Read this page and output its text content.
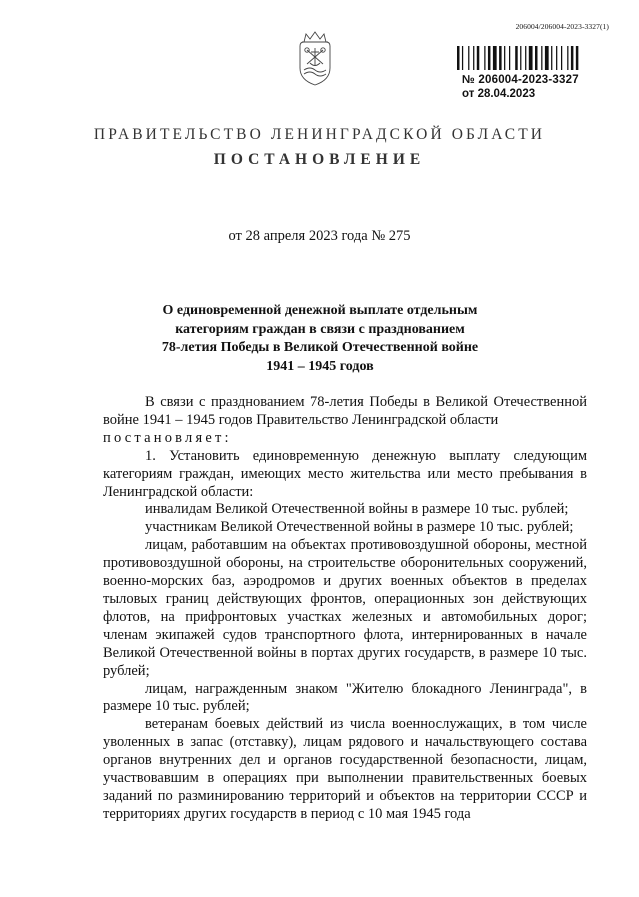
206004/206004-2023-3327(1)
№ 206004-2023-3327
от 28.04.2023
ПРАВИТЕЛЬСТВО ЛЕНИНГРАДСКОЙ ОБЛАСТИ
ПОСТАНОВЛЕНИЕ
от 28 апреля 2023 года № 275
О единовременной денежной выплате отдельным
категориям граждан в связи с празднованием
78-летия Победы в Великой Отечественной войне
1941 – 1945 годов

В связи с празднованием 78-летия Победы в Великой Отечественной войне 1941 – 1945 годов Правительство Ленинградской области

постановляет:

1. Установить единовременную денежную выплату следующим категориям граждан, имеющих место жительства или место пребывания в Ленинградской области:

инвалидам Великой Отечественной войны в размере 10 тыс. рублей;

участникам Великой Отечественной войны в размере 10 тыс. рублей;

лицам, работавшим на объектах противовоздушной обороны, местной противовоздушной обороны, на строительстве оборонительных сооружений, военно-морских баз, аэродромов и других военных объектов в пределах тыловых границ действующих фронтов, операционных зон действующих флотов, на прифронтовых участках железных и автомобильных дорог; членам экипажей судов транспортного флота, интернированных в начале Великой Отечественной войны в портах других государств, в размере 10 тыс. рублей;

лицам, награжденным знаком "Жителю блокадного Ленинграда", в размере 10 тыс. рублей;

ветеранам боевых действий из числа военнослужащих, в том числе уволенных в запас (отставку), лицам рядового и начальствующего состава органов внутренних дел и органов государственной безопасности, лицам, участвовавшим в операциях при выполнении правительственных боевых заданий по разминированию территорий и объектов на территории СССР и территориях других государств в период с 10 мая 1945 года
